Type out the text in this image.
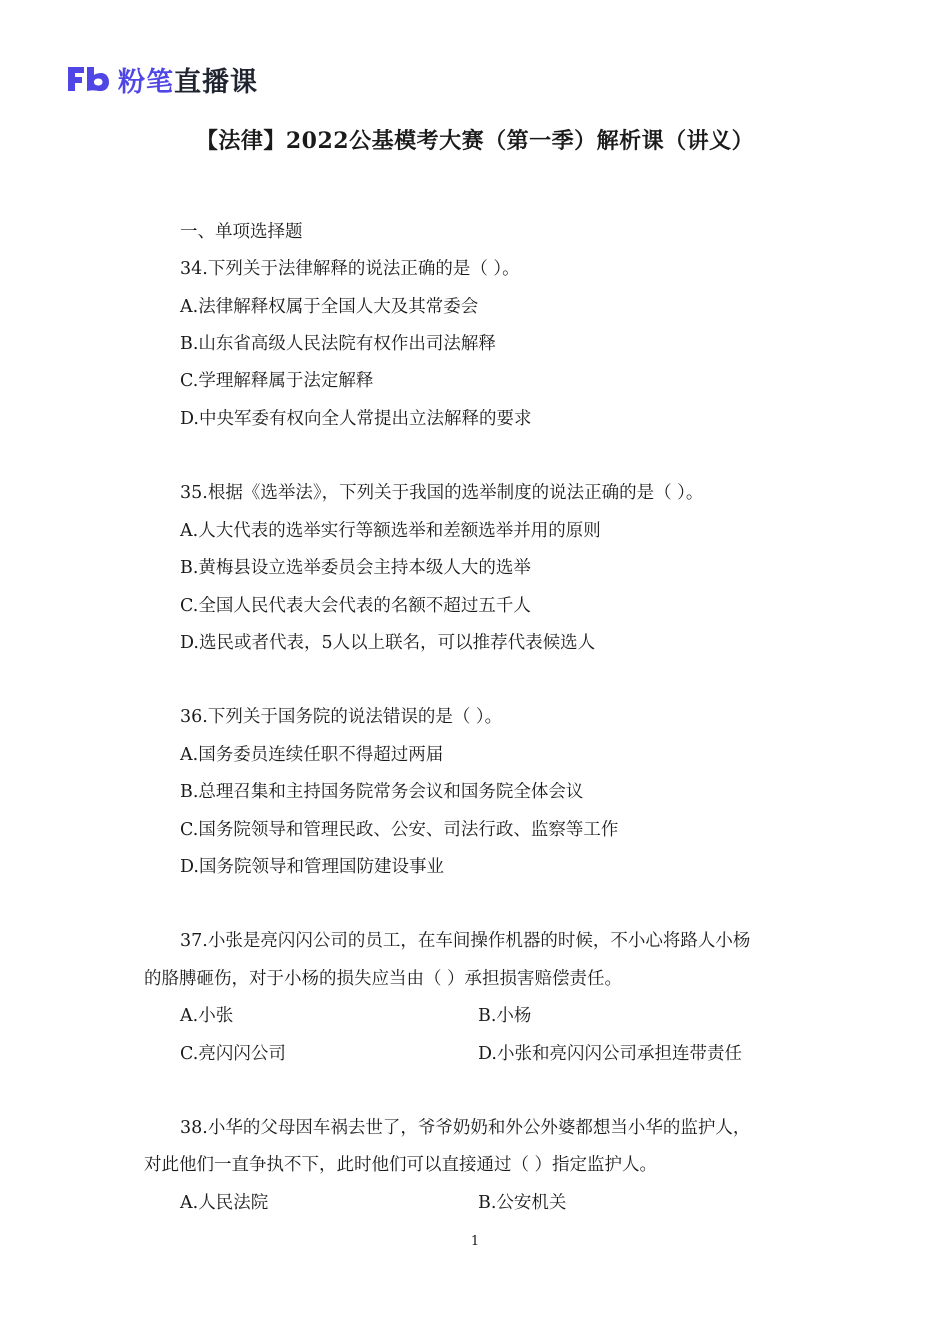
粉笔直播课
【法律】2022公基模考大赛（第一季）解析课（讲义）
一、单项选择题
34.下列关于法律解释的说法正确的是（ ）。
A.法律解释权属于全国人大及其常委会
B.山东省高级人民法院有权作出司法解释
C.学理解释属于法定解释
D.中央军委有权向全人常提出立法解释的要求
35.根据《选举法》，下列关于我国的选举制度的说法正确的是（ ）。
A.人大代表的选举实行等额选举和差额选举并用的原则
B.黄梅县设立选举委员会主持本级人大的选举
C.全国人民代表大会代表的名额不超过五千人
D.选民或者代表，5人以上联名，可以推荐代表候选人
36.下列关于国务院的说法错误的是（ ）。
A.国务委员连续任职不得超过两届
B.总理召集和主持国务院常务会议和国务院全体会议
C.国务院领导和管理民政、公安、司法行政、监察等工作
D.国务院领导和管理国防建设事业
37.小张是亮闪闪公司的员工，在车间操作机器的时候，不小心将路人小杨
的胳膊砸伤，对于小杨的损失应当由（ ）承担损害赔偿责任。
A.小张	B.小杨
C.亮闪闪公司	D.小张和亮闪闪公司承担连带责任
38.小华的父母因车祸去世了，爷爷奶奶和外公外婆都想当小华的监护人，
对此他们一直争执不下，此时他们可以直接通过（ ）指定监护人。
A.人民法院	B.公安机关
1
